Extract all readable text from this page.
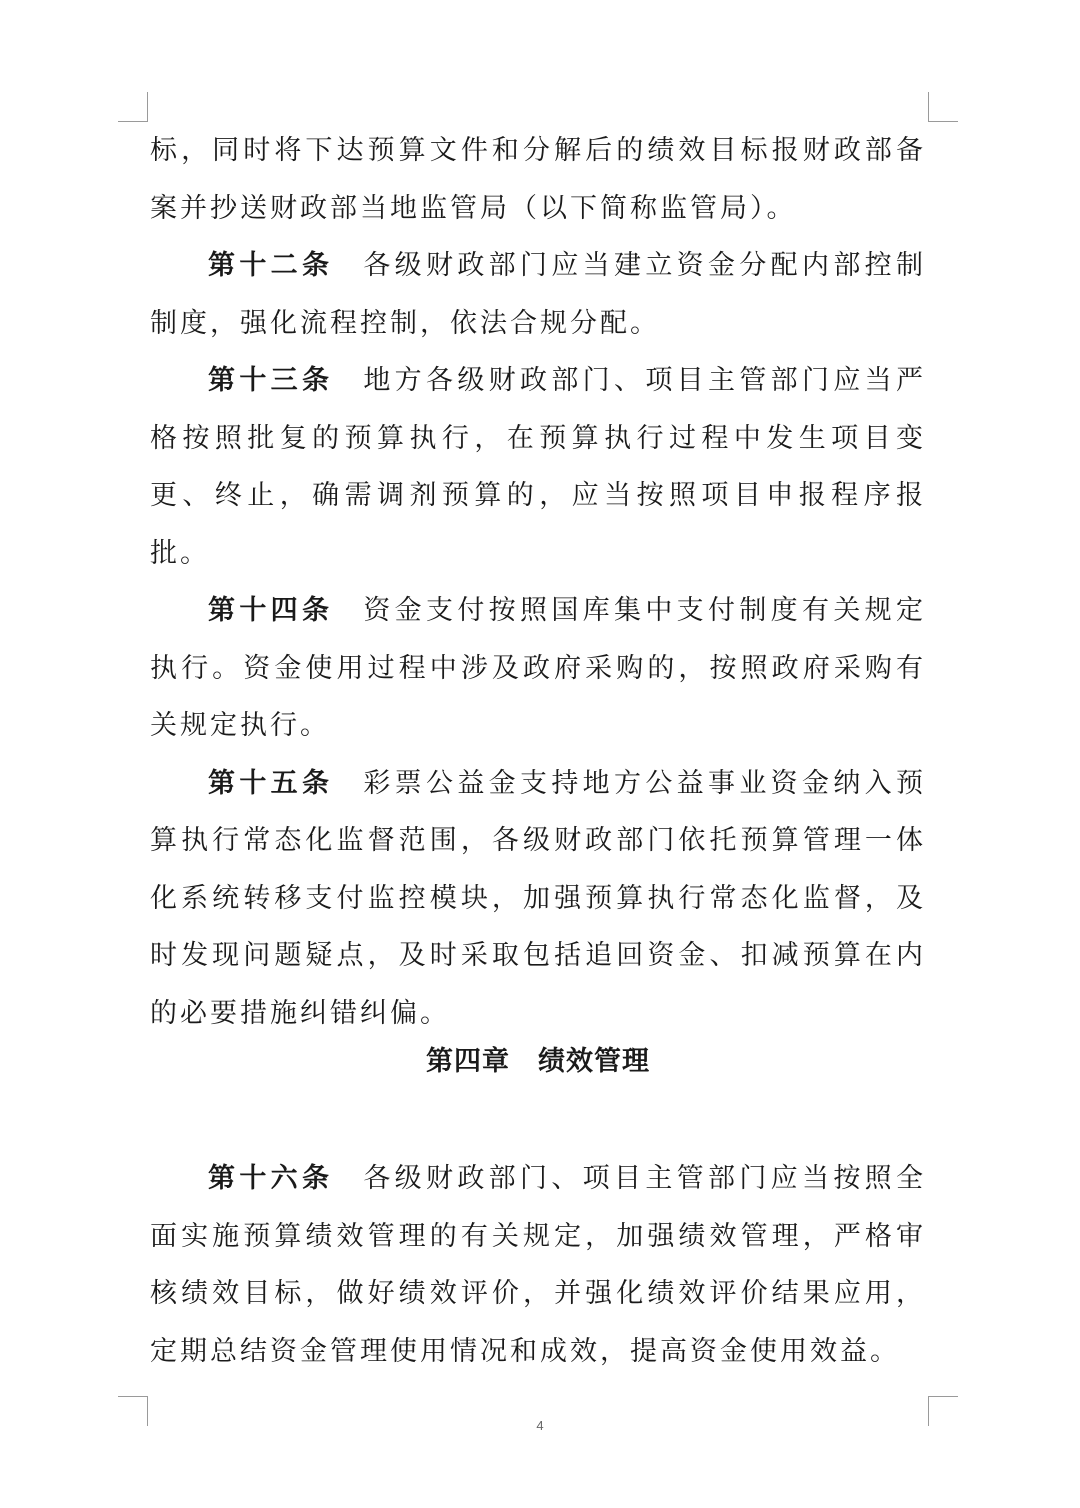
标，同时将下达预算文件和分解后的绩效目标报财政部备案并抄送财政部当地监管局（以下简称监管局）。

第十二条 各级财政部门应当建立资金分配内部控制制度，强化流程控制，依法合规分配。

第十三条 地方各级财政部门、项目主管部门应当严格按照批复的预算执行，在预算执行过程中发生项目变更、终止，确需调剂预算的，应当按照项目申报程序报批。

第十四条 资金支付按照国库集中支付制度有关规定执行。资金使用过程中涉及政府采购的，按照政府采购有关规定执行。

第十五条 彩票公益金支持地方公益事业资金纳入预算执行常态化监督范围，各级财政部门依托预算管理一体化系统转移支付监控模块，加强预算执行常态化监督，及时发现问题疑点，及时采取包括追回资金、扣减预算在内的必要措施纠错纠偏。

第四章 绩效管理

第十六条 各级财政部门、项目主管部门应当按照全面实施预算绩效管理的有关规定，加强绩效管理，严格审核绩效目标，做好绩效评价，并强化绩效评价结果应用，定期总结资金管理使用情况和成效，提高资金使用效益。

4
